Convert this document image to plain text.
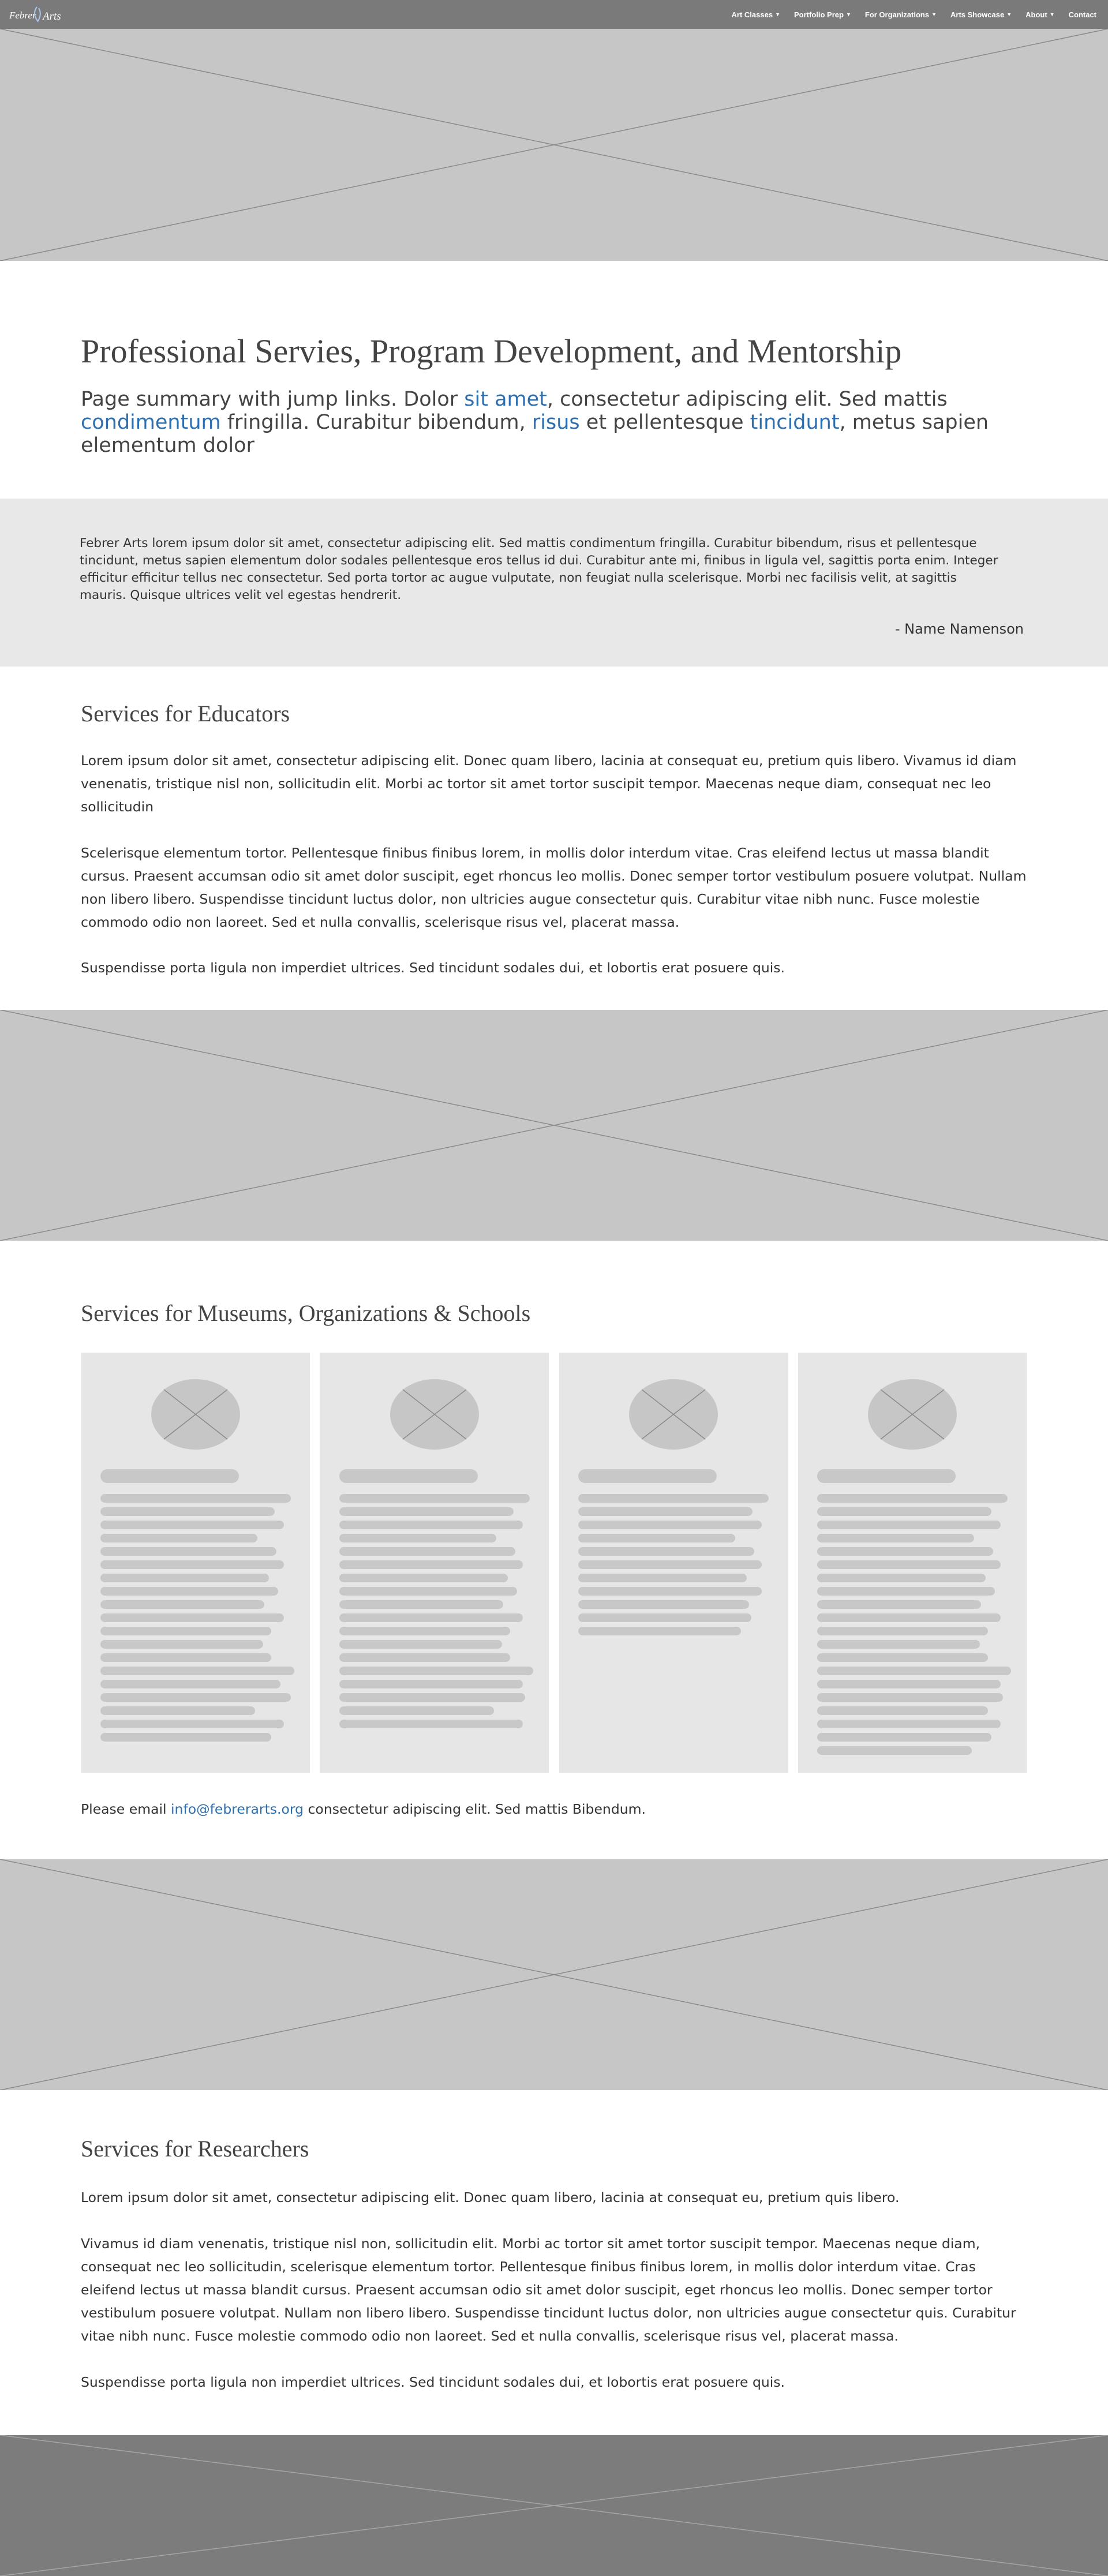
Febrer Arts	Art Classes ▼ Portfolio Prep ▼ For Organizations ▼ Arts Showcase ▼ About ▼ Contact
Professional Servies, Program Development, and Mentorship

Page summary with jump links. Dolor sit amet, consectetur adipiscing elit. Sed mattis condimentum fringilla. Curabitur bibendum, risus et pellentesque tincidunt, metus sapien elementum dolor

Febrer Arts lorem ipsum dolor sit amet, consectetur adipiscing elit. Sed mattis condimentum fringilla. Curabitur bibendum, risus et pellentesque tincidunt, metus sapien elementum dolor sodales pellentesque eros tellus id dui. Curabitur ante mi, finibus in ligula vel, sagittis porta enim. Integer efficitur efficitur tellus nec consectetur. Sed porta tortor ac augue vulputate, non feugiat nulla scelerisque. Morbi nec facilisis velit, at sagittis mauris. Quisque ultrices velit vel egestas hendrerit.

- Name Namenson

Services for Educators

Lorem ipsum dolor sit amet, consectetur adipiscing elit. Donec quam libero, lacinia at consequat eu, pretium quis libero. Vivamus id diam venenatis, tristique nisl non, sollicitudin elit. Morbi ac tortor sit amet tortor suscipit tempor. Maecenas neque diam, consequat nec leo sollicitudin

Scelerisque elementum tortor. Pellentesque finibus finibus lorem, in mollis dolor interdum vitae. Cras eleifend lectus ut massa blandit cursus. Praesent accumsan odio sit amet dolor suscipit, eget rhoncus leo mollis. Donec semper tortor vestibulum posuere volutpat. Nullam non libero libero. Suspendisse tincidunt luctus dolor, non ultricies augue consectetur quis. Curabitur vitae nibh nunc. Fusce molestie commodo odio non laoreet. Sed et nulla convallis, scelerisque risus vel, placerat massa.

Suspendisse porta ligula non imperdiet ultrices. Sed tincidunt sodales dui, et lobortis erat posuere quis.

Services for Museums, Organizations & Schools

Please email info@febrerarts.org consectetur adipiscing elit. Sed mattis Bibendum.

Services for Researchers

Lorem ipsum dolor sit amet, consectetur adipiscing elit. Donec quam libero, lacinia at consequat eu, pretium quis libero.

Vivamus id diam venenatis, tristique nisl non, sollicitudin elit. Morbi ac tortor sit amet tortor suscipit tempor. Maecenas neque diam, consequat nec leo sollicitudin, scelerisque elementum tortor. Pellentesque finibus finibus lorem, in mollis dolor interdum vitae. Cras eleifend lectus ut massa blandit cursus. Praesent accumsan odio sit amet dolor suscipit, eget rhoncus leo mollis. Donec semper tortor vestibulum posuere volutpat. Nullam non libero libero. Suspendisse tincidunt luctus dolor, non ultricies augue consectetur quis. Curabitur vitae nibh nunc. Fusce molestie commodo odio non laoreet. Sed et nulla convallis, scelerisque risus vel, placerat massa.

Suspendisse porta ligula non imperdiet ultrices. Sed tincidunt sodales dui, et lobortis erat posuere quis.
